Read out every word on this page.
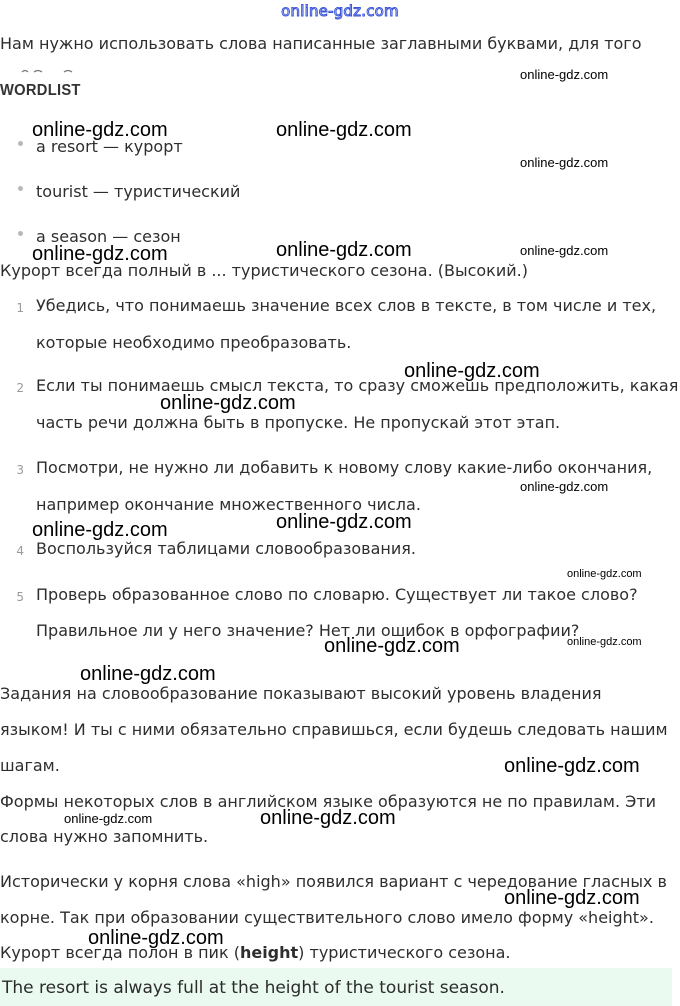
online-gdz.com
Нам нужно использовать слова написанные заглавными буквами, для того
WORDLIST
a resort — курорт
tourist — туристический
a season — сезон
Курорт всегда полный в ... туристического сезона. (Высокий.)
1 Убедись, что понимаешь значение всех слов в тексте, в том числе и тех,
которые необходимо преобразовать.
2 Если ты понимаешь смысл текста, то сразу сможешь предположить, какая
часть речи должна быть в пропуске. Не пропускай этот этап.
3 Посмотри, не нужно ли добавить к новому слову какие-либо окончания,
например окончание множественного числа.
4 Воспользуйся таблицами словообразования.
5 Проверь образованное слово по словарю. Существует ли такое слово?
Правильное ли у него значение? Нет ли ошибок в орфографии?
Задания на словообразование показывают высокий уровень владения
языком! И ты с ними обязательно справишься, если будешь следовать нашим
шагам.
Формы некоторых слов в английском языке образуются не по правилам. Эти
слова нужно запомнить.
Исторически у корня слова «high» появился вариант с чередование гласных в
корне. Так при образовании существительного слово имело форму «height».
Курорт всегда полон в пик (height) туристического сезона.
The resort is always full at the height of the tourist season.
online-gdz.com
online-gdz.com	online-gdz.com
online-gdz.com
online-gdz.com	online-gdz.com	online-gdz.com
online-gdz.com
online-gdz.com
online-gdz.com
online-gdz.com
online-gdz.com
online-gdz.com
online-gdz.com	online-gdz.com
online-gdz.com
online-gdz.com
online-gdz.com	online-gdz.com
online-gdz.com
online-gdz.com
